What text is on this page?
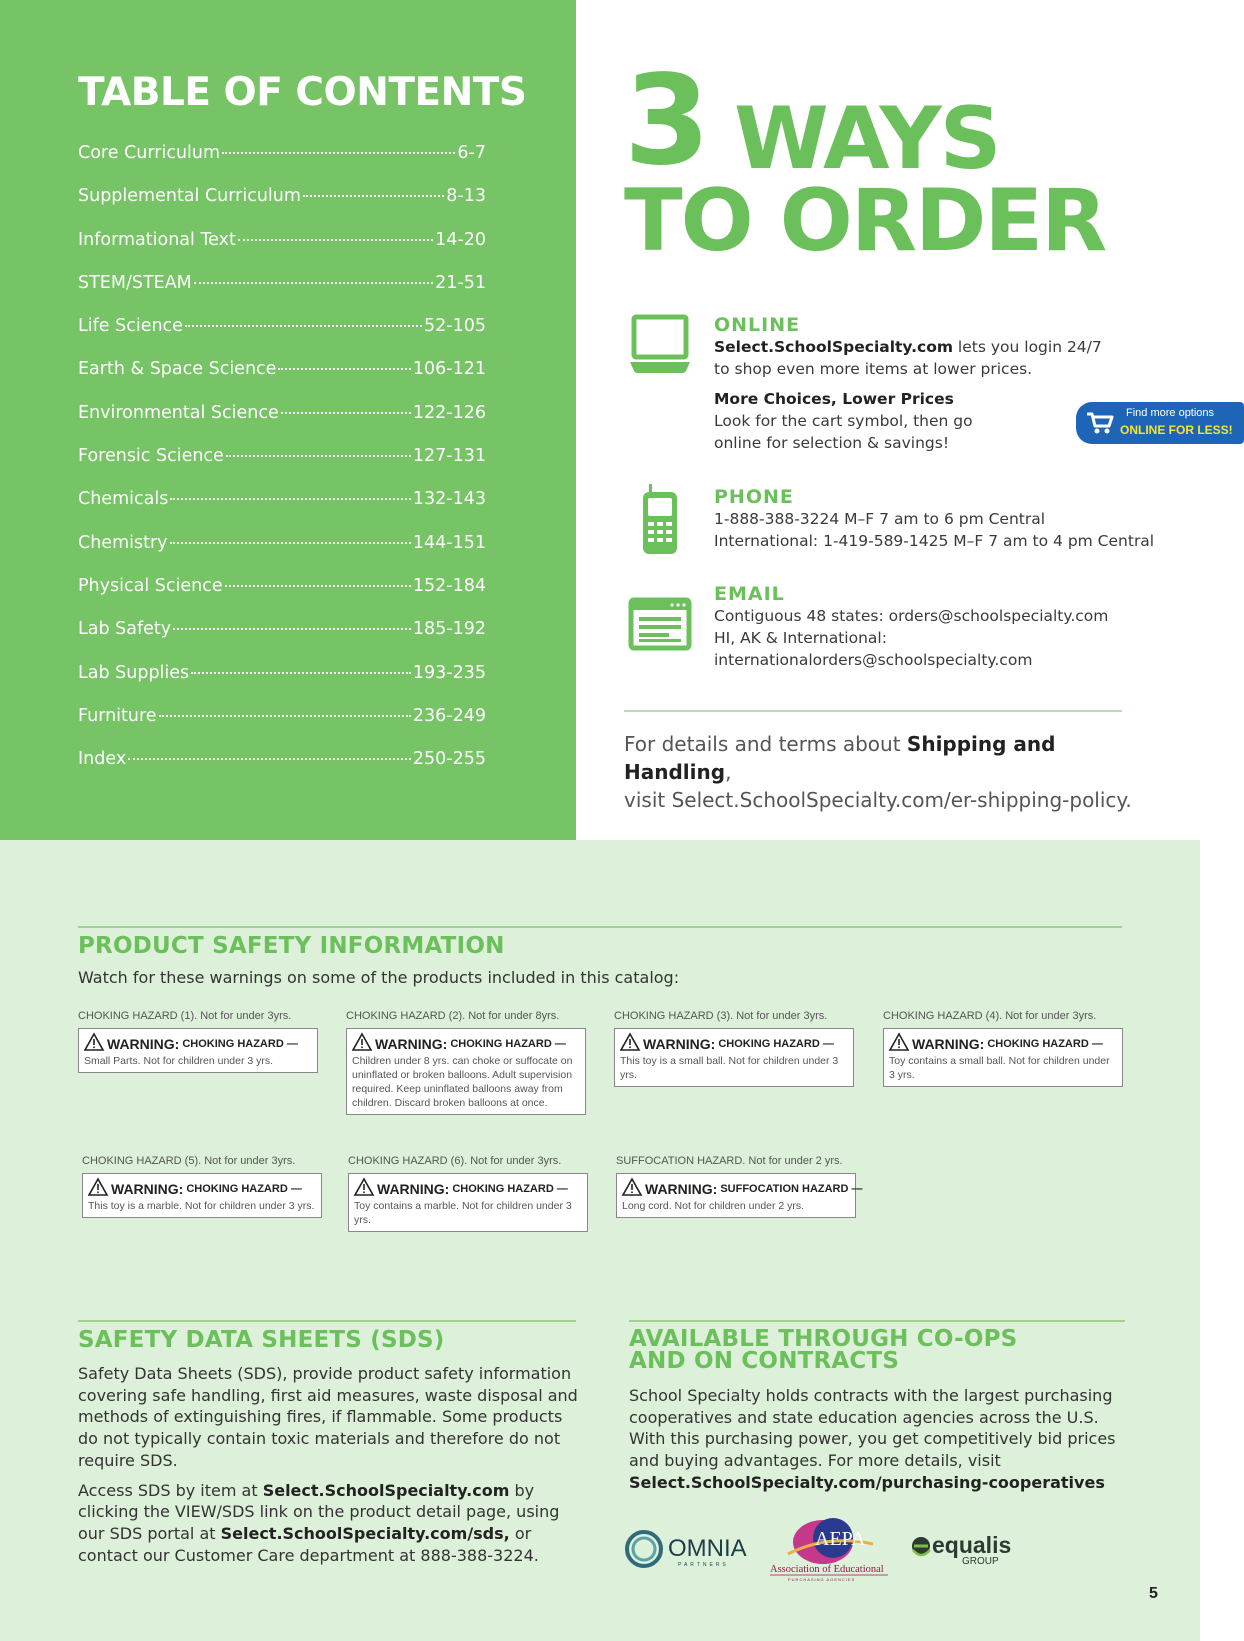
TABLE OF CONTENTS
Core Curriculum	6-7
Supplemental Curriculum	8-13
Informational Text	14-20
STEM/STEAM	21-51
Life Science	52-105
Earth & Space Science	106-121
Environmental Science	122-126
Forensic Science	127-131
Chemicals	132-143
Chemistry	144-151
Physical Science	152-184
Lab Safety	185-192
Lab Supplies	193-235
Furniture	236-249
Index	250-255
3 WAYS
TO ORDER
ONLINE
Select.SchoolSpecialty.com lets you login 24/7
to shop even more items at lower prices.
More Choices, Lower Prices
Look for the cart symbol, then go
online for selection & savings!
Find more options
ONLINE FOR LESS!
PHONE
1-888-388-3224 M–F 7 am to 6 pm Central
International: 1-419-589-1425 M–F 7 am to 4 pm Central
EMAIL
Contiguous 48 states: orders@schoolspecialty.com
HI, AK & International:
internationalorders@schoolspecialty.com
For details and terms about Shipping and Handling,
visit Select.SchoolSpecialty.com/er-shipping-policy.
PRODUCT SAFETY INFORMATION
Watch for these warnings on some of the products included in this catalog:
CHOKING HAZARD (1). Not for under 3yrs.
WARNING: CHOKING HAZARD —
Small Parts. Not for children under 3 yrs.
CHOKING HAZARD (2). Not for under 8yrs.
WARNING: CHOKING HAZARD —
Children under 8 yrs. can choke or suffocate on uninflated or broken balloons. Adult supervision required. Keep uninflated balloons away from children. Discard broken balloons at once.
CHOKING HAZARD (3). Not for under 3yrs.
WARNING: CHOKING HAZARD —
This toy is a small ball. Not for children under 3 yrs.
CHOKING HAZARD (4). Not for under 3yrs.
WARNING: CHOKING HAZARD —
Toy contains a small ball. Not for children under 3 yrs.
CHOKING HAZARD (5). Not for under 3yrs.
WARNING: CHOKING HAZARD —
This toy is a marble. Not for children under 3 yrs.
CHOKING HAZARD (6). Not for under 3yrs.
WARNING: CHOKING HAZARD —
Toy contains a marble. Not for children under 3 yrs.
SUFFOCATION HAZARD. Not for under 2 yrs.
WARNING: SUFFOCATION HAZARD —
Long cord. Not for children under 2 yrs.
SAFETY DATA SHEETS (SDS)

Safety Data Sheets (SDS), provide product safety information covering safe handling, first aid measures, waste disposal and methods of extinguishing fires, if flammable. Some products do not typically contain toxic materials and therefore do not require SDS.

Access SDS by item at Select.SchoolSpecialty.com by clicking the VIEW/SDS link on the product detail page, using our SDS portal at Select.SchoolSpecialty.com/sds, or contact our Customer Care department at 888-388-3224.

AVAILABLE THROUGH CO-OPS
AND ON CONTRACTS
School Specialty holds contracts with the largest purchasing cooperatives and state education agencies across the U.S. With this purchasing power, you get competitively bid prices and buying advantages. For more details, visit
Select.SchoolSpecialty.com/purchasing-cooperatives
OMNIA
PARTNERS
AEPA
Association of Educational
PURCHASING AGENCIES
equalis
GROUP
5
